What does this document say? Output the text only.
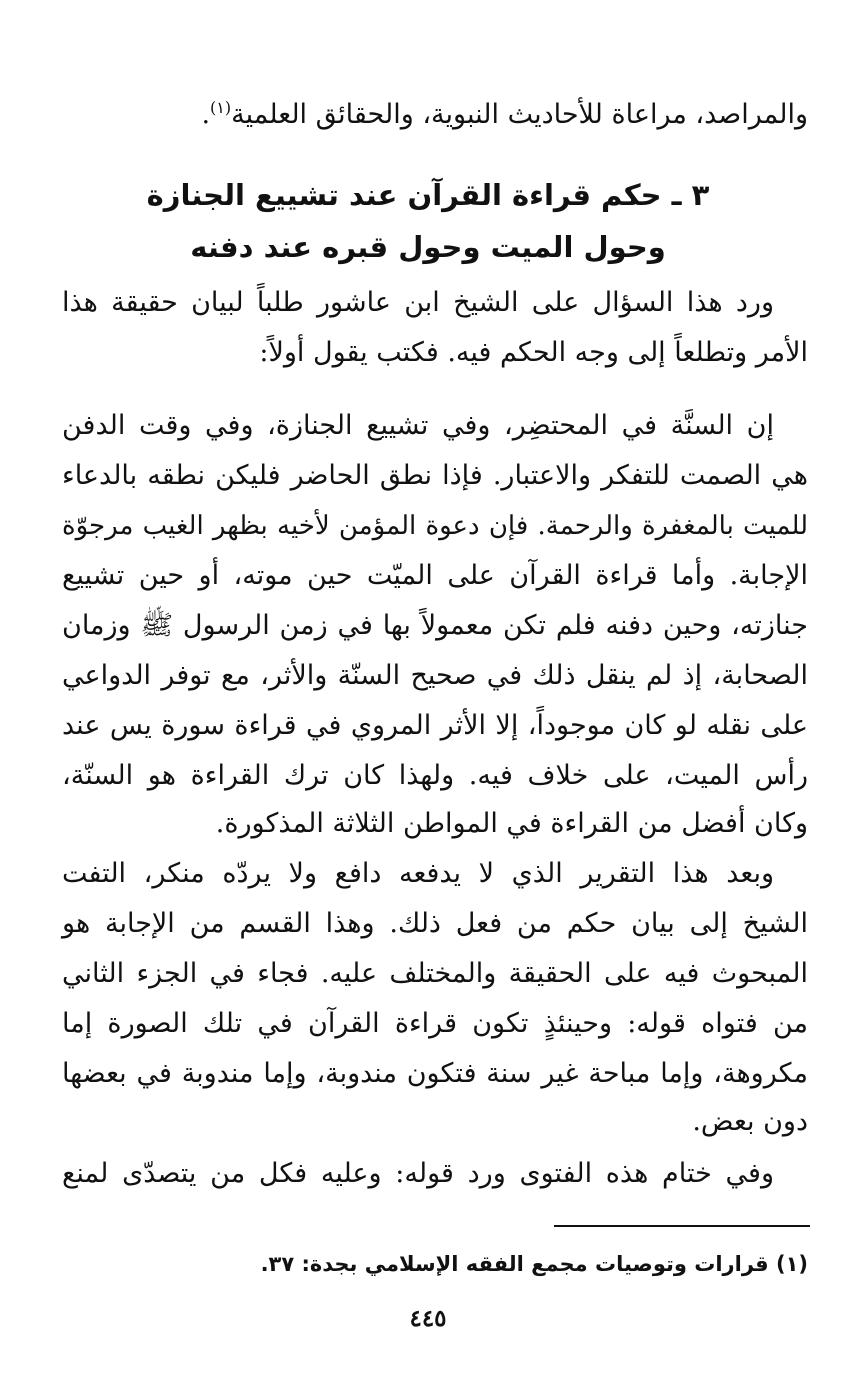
والمراصد، مراعاة للأحاديث النبوية، والحقائق العلمية$^{(١)}$.
٣ ـ حكم قراءة القرآن عند تشييع الجنازة
وحول الميت وحول قبره عند دفنه
ورد هذا السؤال على الشيخ ابن عاشور طلباً لبيان حقيقة هذا
الأمر وتطلعاً إلى وجه الحكم فيه. فكتب يقول أولاً:
إن السنَّة في المحتضِر، وفي تشييع الجنازة، وفي وقت الدفن
هي الصمت للتفكر والاعتبار. فإذا نطق الحاضر فليكن نطقه بالدعاء
للميت بالمغفرة والرحمة. فإن دعوة المؤمن لأخيه بظهر الغيب مرجوّة
الإجابة. وأما قراءة القرآن على الميّت حين موته، أو حين تشييع
جنازته، وحين دفنه فلم تكن معمولاً بها في زمن الرسول ﷺ وزمان
الصحابة، إذ لم ينقل ذلك في صحيح السنّة والأثر، مع توفر الدواعي
على نقله لو كان موجوداً، إلا الأثر المروي في قراءة سورة يس عند
رأس الميت، على خلاف فيه. ولهذا كان ترك القراءة هو السنّة،
وكان أفضل من القراءة في المواطن الثلاثة المذكورة.
وبعد هذا التقرير الذي لا يدفعه دافع ولا يردّه منكر، التفت
الشيخ إلى بيان حكم من فعل ذلك. وهذا القسم من الإجابة هو
المبحوث فيه على الحقيقة والمختلف عليه. فجاء في الجزء الثاني
من فتواه قوله: وحينئذٍ تكون قراءة القرآن في تلك الصورة إما
مكروهة، وإما مباحة غير سنة فتكون مندوبة، وإما مندوبة في بعضها
دون بعض.
وفي ختام هذه الفتوى ورد قوله: وعليه فكل من يتصدّى لمنع
(١) قرارات وتوصيات مجمع الفقه الإسلامي بجدة: ٣٧.
٤٤٥
